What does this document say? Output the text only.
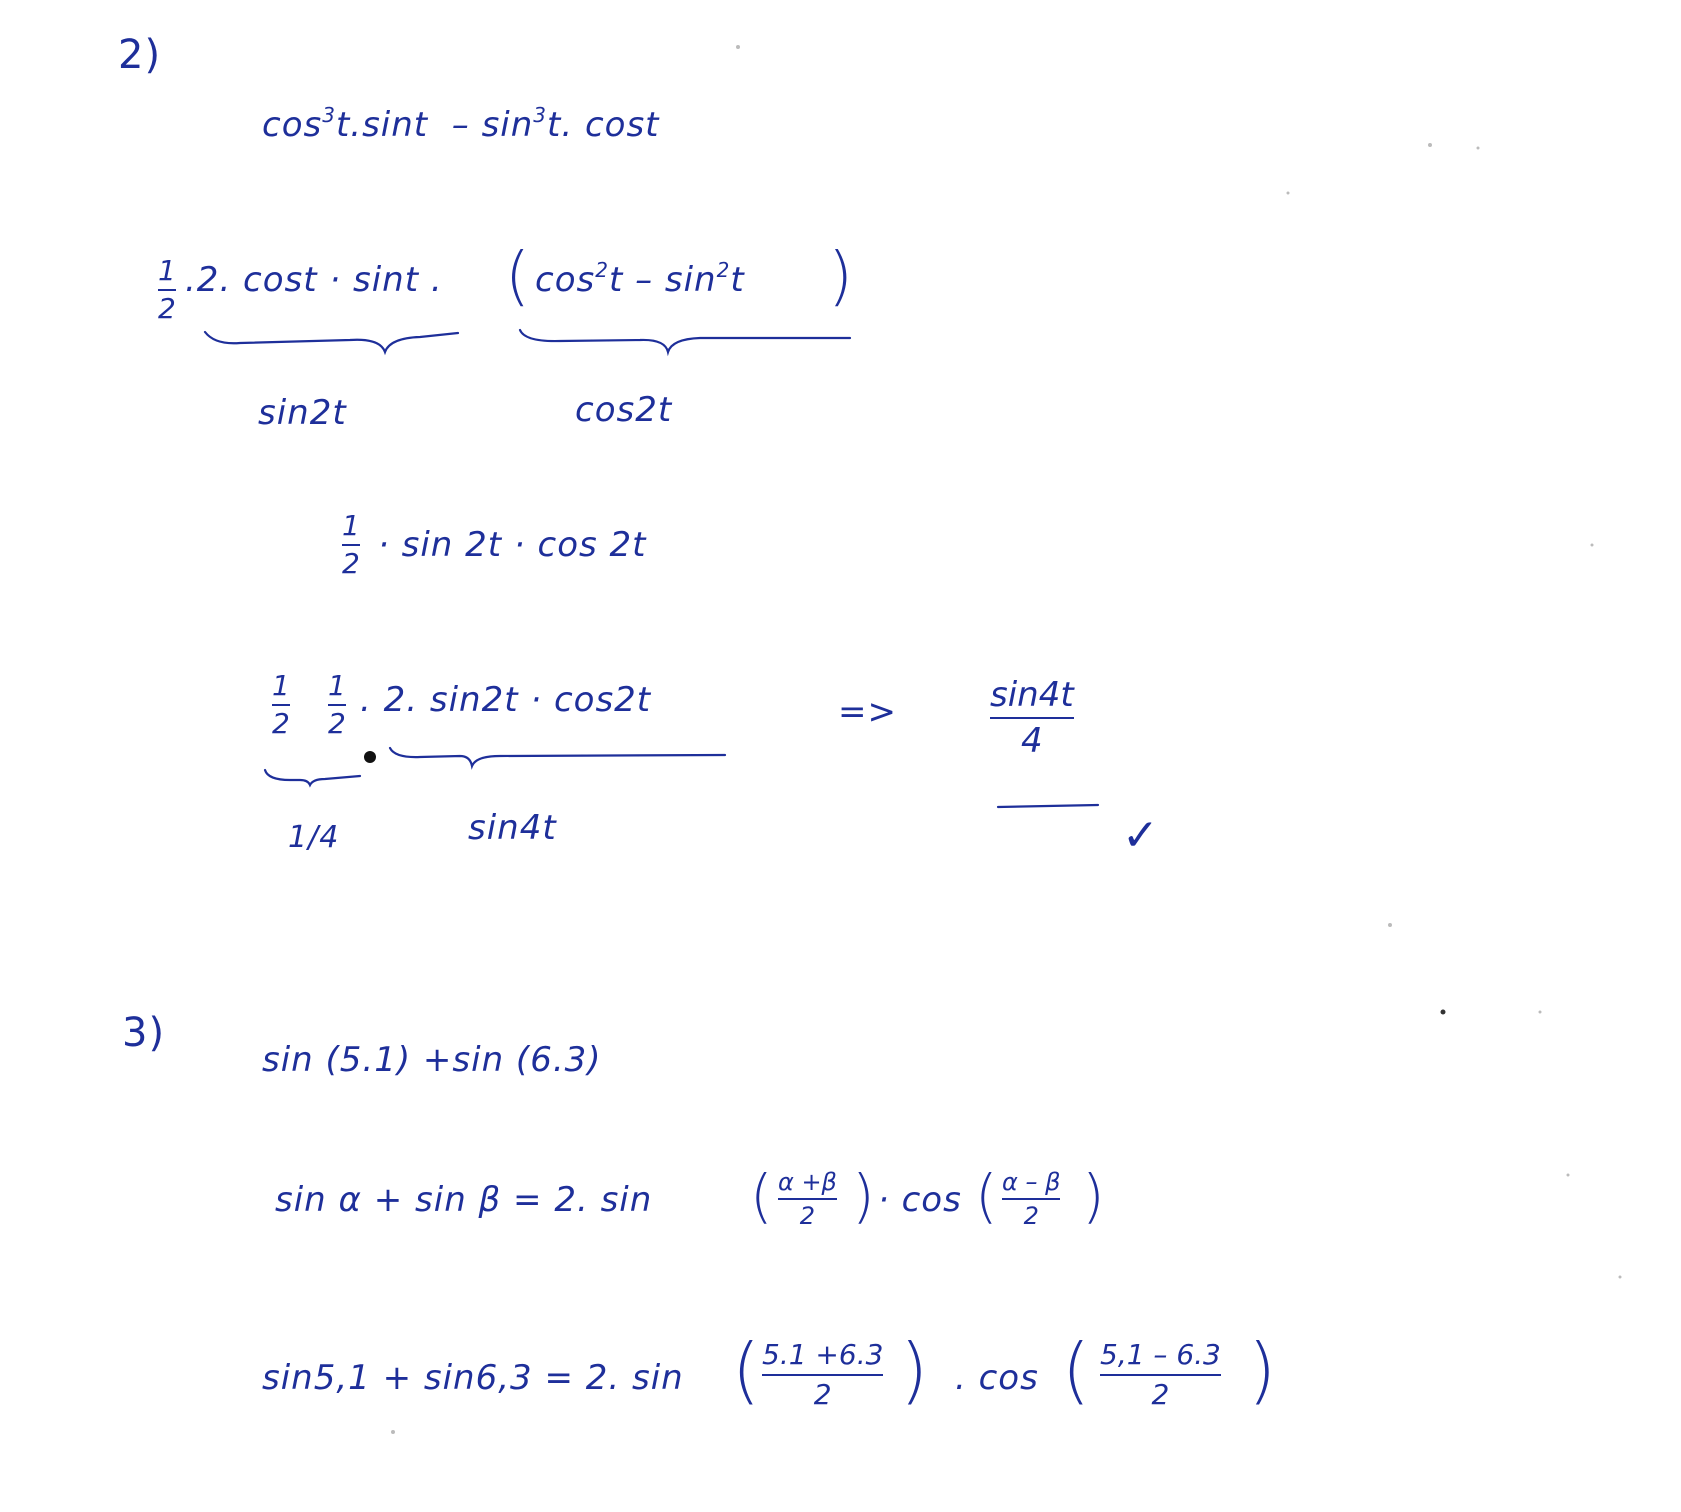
2)
$\cos^3t.\sin t - \sin^3t$. cost
1
2
.2. cost · sint . ( $\cos^2t - \sin^2t$ )
sin2t	cos2t
1
2 · sin 2t · cos 2t
1
2
1
2
. 2. sin2t · cos2t
1/4	sin4t
=>	sin4t
4
✓
3)
sin (5.1) +sin (6.3)
sin α + sin β = 2. sin ( α +β
2 ) · cos ( α – β
2 )
sin5,1 + sin6,3 = 2. sin ( 5.1 +6.3
2 ) . cos ( 5,1 – 6.3
2 )
